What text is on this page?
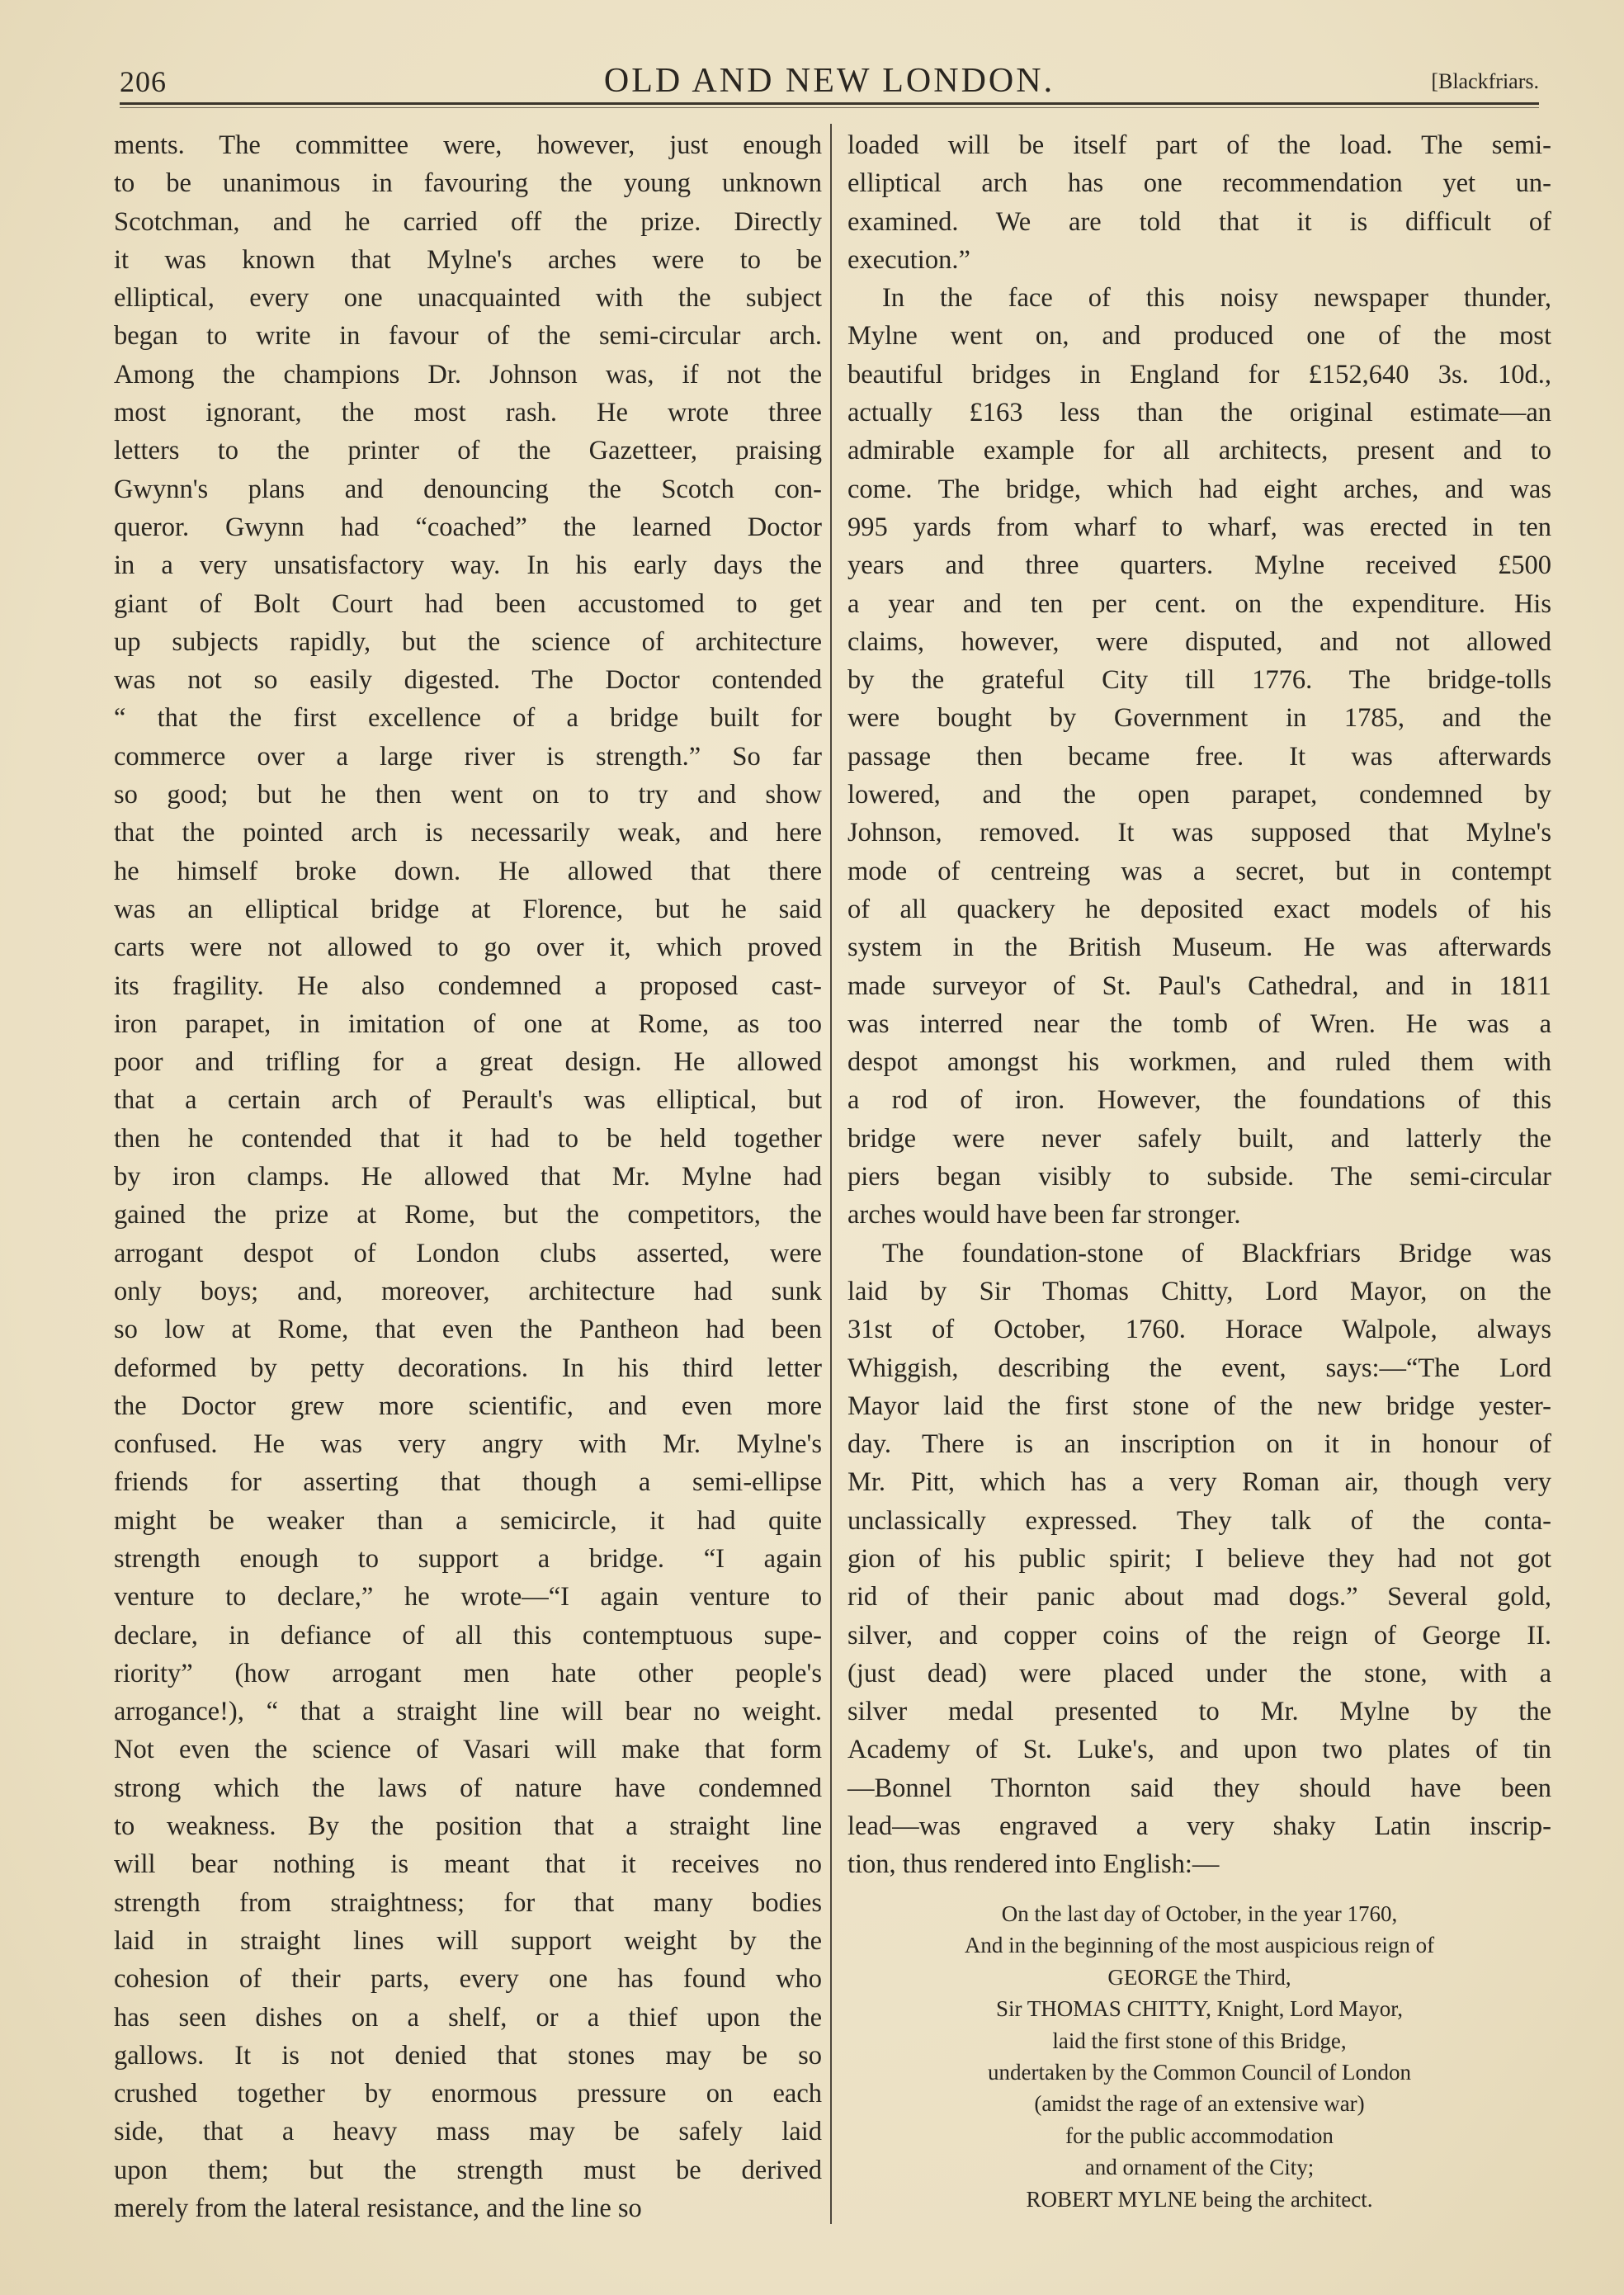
206	OLD AND NEW LONDON.	[Blackfriars.
ments. The committee were, however, just enough
to be unanimous in favouring the young unknown
Scotchman, and he carried off the prize. Directly
it was known that Mylne's arches were to be
elliptical, every one unacquainted with the subject
began to write in favour of the semi-circular arch.
Among the champions Dr. Johnson was, if not the
most ignorant, the most rash. He wrote three
letters to the printer of the Gazetteer, praising
Gwynn's plans and denouncing the Scotch con-
queror. Gwynn had “coached” the learned Doctor
in a very unsatisfactory way. In his early days the
giant of Bolt Court had been accustomed to get
up subjects rapidly, but the science of architecture
was not so easily digested. The Doctor contended
“ that the first excellence of a bridge built for
commerce over a large river is strength.” So far
so good; but he then went on to try and show
that the pointed arch is necessarily weak, and here
he himself broke down. He allowed that there
was an elliptical bridge at Florence, but he said
carts were not allowed to go over it, which proved
its fragility. He also condemned a proposed cast-
iron parapet, in imitation of one at Rome, as too
poor and trifling for a great design. He allowed
that a certain arch of Perault's was elliptical, but
then he contended that it had to be held together
by iron clamps. He allowed that Mr. Mylne had
gained the prize at Rome, but the competitors, the
arrogant despot of London clubs asserted, were
only boys; and, moreover, architecture had sunk
so low at Rome, that even the Pantheon had been
deformed by petty decorations. In his third letter
the Doctor grew more scientific, and even more
confused. He was very angry with Mr. Mylne's
friends for asserting that though a semi-ellipse
might be weaker than a semicircle, it had quite
strength enough to support a bridge. “I again
venture to declare,” he wrote—“I again venture to
declare, in defiance of all this contemptuous supe-
riority” (how arrogant men hate other people's
arrogance!), “ that a straight line will bear no weight.
Not even the science of Vasari will make that form
strong which the laws of nature have condemned
to weakness. By the position that a straight line
will bear nothing is meant that it receives no
strength from straightness; for that many bodies
laid in straight lines will support weight by the
cohesion of their parts, every one has found who
has seen dishes on a shelf, or a thief upon the
gallows. It is not denied that stones may be so
crushed together by enormous pressure on each
side, that a heavy mass may be safely laid
upon them; but the strength must be derived
merely from the lateral resistance, and the line so
loaded will be itself part of the load. The semi-
elliptical arch has one recommendation yet un-
examined. We are told that it is difficult of
execution.”
In the face of this noisy newspaper thunder,
Mylne went on, and produced one of the most
beautiful bridges in England for £152,640 3s. 10d.,
actually £163 less than the original estimate—an
admirable example for all architects, present and to
come. The bridge, which had eight arches, and was
995 yards from wharf to wharf, was erected in ten
years and three quarters. Mylne received £500
a year and ten per cent. on the expenditure. His
claims, however, were disputed, and not allowed
by the grateful City till 1776. The bridge-tolls
were bought by Government in 1785, and the
passage then became free. It was afterwards
lowered, and the open parapet, condemned by
Johnson, removed. It was supposed that Mylne's
mode of centreing was a secret, but in contempt
of all quackery he deposited exact models of his
system in the British Museum. He was afterwards
made surveyor of St. Paul's Cathedral, and in 1811
was interred near the tomb of Wren. He was a
despot amongst his workmen, and ruled them with
a rod of iron. However, the foundations of this
bridge were never safely built, and latterly the
piers began visibly to subside. The semi-circular
arches would have been far stronger.
The foundation-stone of Blackfriars Bridge was
laid by Sir Thomas Chitty, Lord Mayor, on the
31st of October, 1760. Horace Walpole, always
Whiggish, describing the event, says:—“The Lord
Mayor laid the first stone of the new bridge yester-
day. There is an inscription on it in honour of
Mr. Pitt, which has a very Roman air, though very
unclassically expressed. They talk of the conta-
gion of his public spirit; I believe they had not got
rid of their panic about mad dogs.” Several gold,
silver, and copper coins of the reign of George II.
(just dead) were placed under the stone, with a
silver medal presented to Mr. Mylne by the
Academy of St. Luke's, and upon two plates of tin
—Bonnel Thornton said they should have been
lead—was engraved a very shaky Latin inscrip-
tion, thus rendered into English:—
On the last day of October, in the year 1760,
And in the beginning of the most auspicious reign of
GEORGE the Third,
Sir THOMAS CHITTY, Knight, Lord Mayor,
laid the first stone of this Bridge,
undertaken by the Common Council of London
(amidst the rage of an extensive war)
for the public accommodation
and ornament of the City;
ROBERT MYLNE being the architect.
